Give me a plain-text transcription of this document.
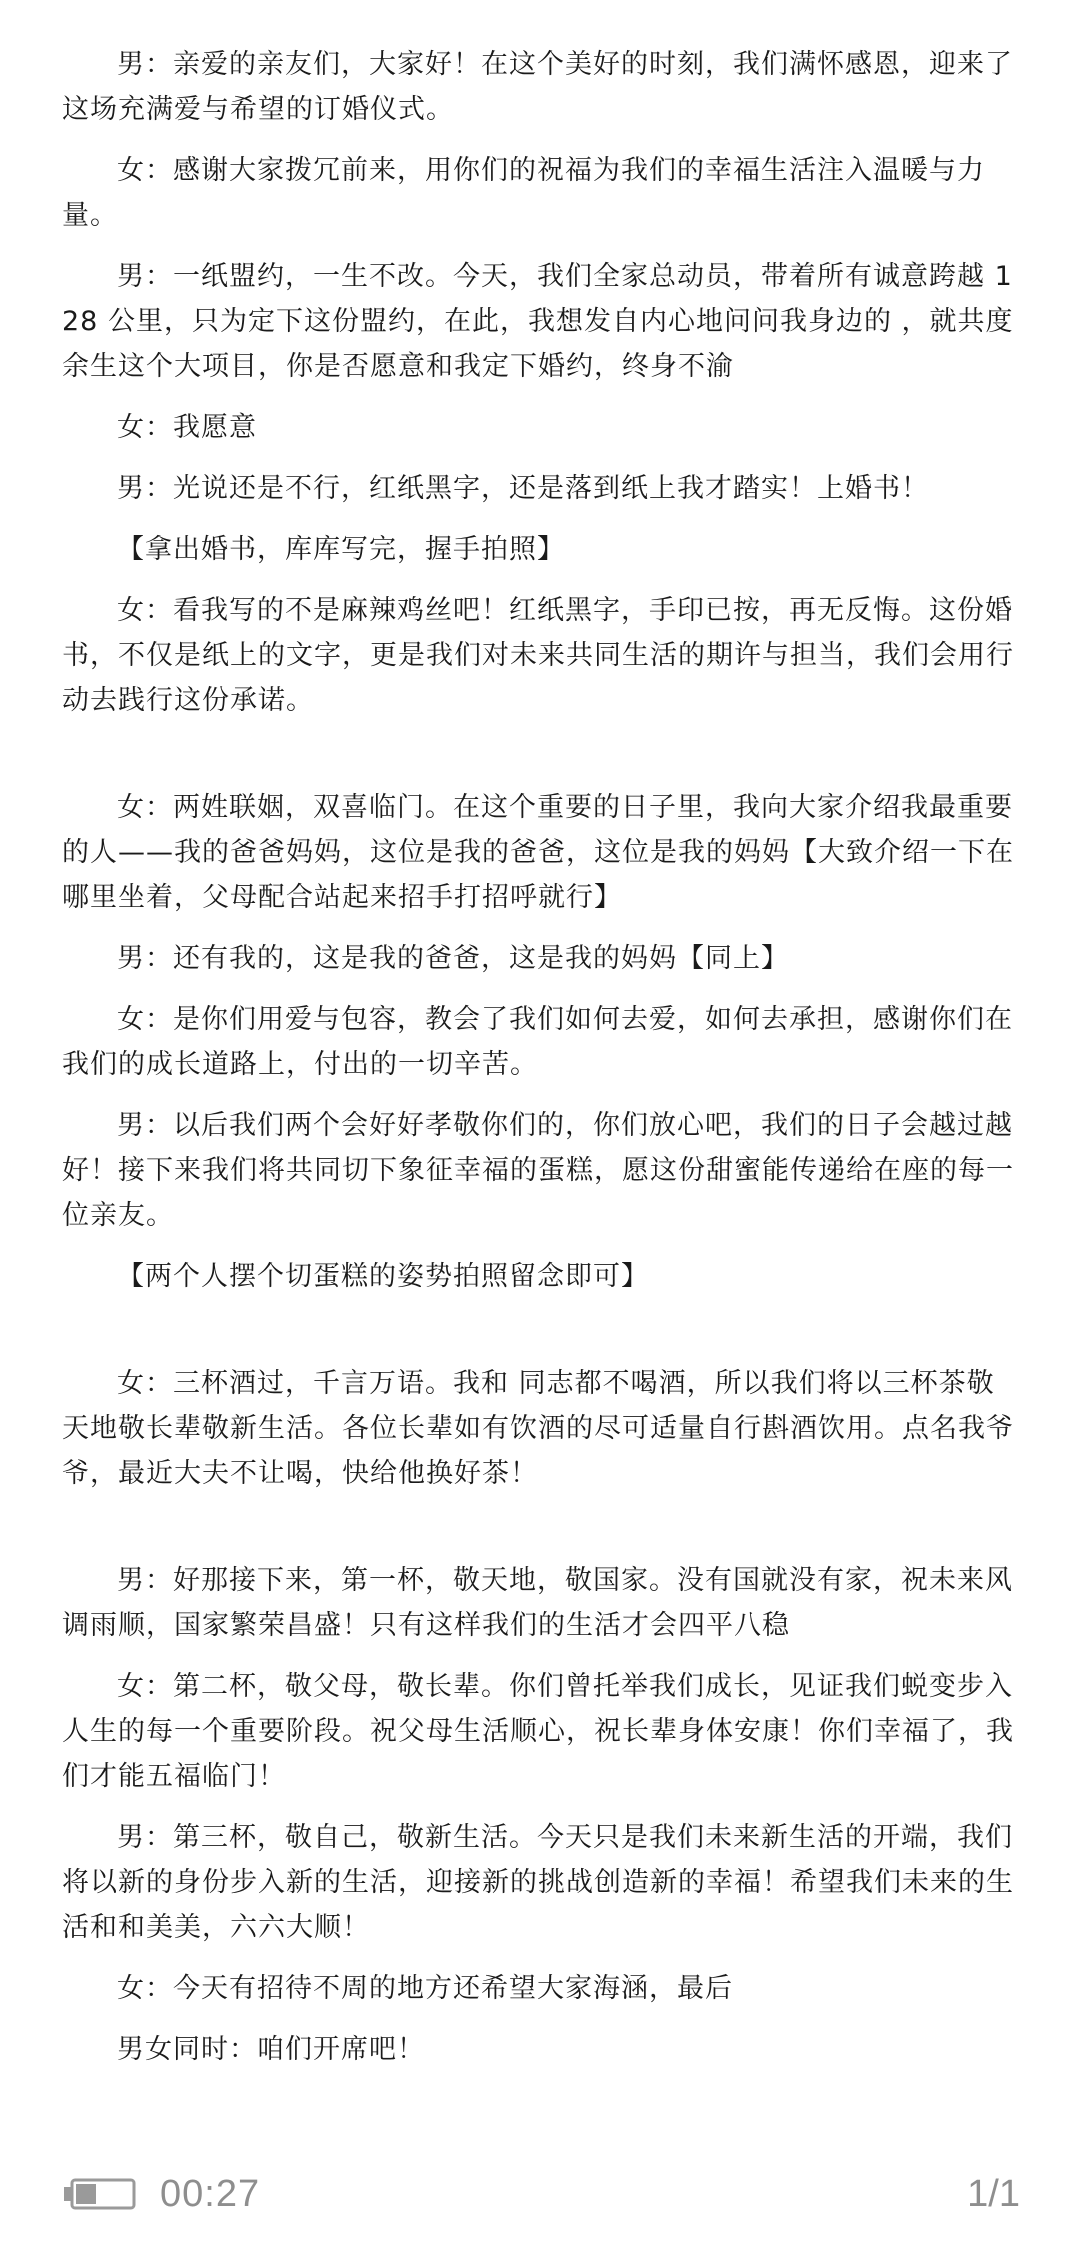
男：亲爱的亲友们，大家好！在这个美好的时刻，我们满怀感恩，迎来了这场充满爱与希望的订婚仪式。

女：感谢大家拨冗前来，用你们的祝福为我们的幸福生活注入温暖与力量。

男：一纸盟约，一生不改。今天，我们全家总动员，带着所有诚意跨越 128 公里，只为定下这份盟约，在此，我想发自内心地问问我身边的 ，就共度余生这个大项目，你是否愿意和我定下婚约，终身不渝

女：我愿意

男：光说还是不行，红纸黑字，还是落到纸上我才踏实！上婚书！

【拿出婚书，库库写完，握手拍照】

女：看我写的不是麻辣鸡丝吧！红纸黑字，手印已按，再无反悔。这份婚书，不仅是纸上的文字，更是我们对未来共同生活的期许与担当，我们会用行动去践行这份承诺。

女：两姓联姻，双喜临门。在这个重要的日子里，我向大家介绍我最重要的人——我的爸爸妈妈，这位是我的爸爸，这位是我的妈妈【大致介绍一下在哪里坐着，父母配合站起来招手打招呼就行】

男：还有我的，这是我的爸爸，这是我的妈妈【同上】

女：是你们用爱与包容，教会了我们如何去爱，如何去承担，感谢你们在我们的成长道路上，付出的一切辛苦。

男：以后我们两个会好好孝敬你们的，你们放心吧，我们的日子会越过越好！接下来我们将共同切下象征幸福的蛋糕，愿这份甜蜜能传递给在座的每一位亲友。

【两个人摆个切蛋糕的姿势拍照留念即可】

女：三杯酒过，千言万语。我和 同志都不喝酒，所以我们将以三杯茶敬天地敬长辈敬新生活。各位长辈如有饮酒的尽可适量自行斟酒饮用。点名我爷爷，最近大夫不让喝，快给他换好茶！

男：好那接下来，第一杯，敬天地，敬国家。没有国就没有家，祝未来风调雨顺，国家繁荣昌盛！只有这样我们的生活才会四平八稳

女：第二杯，敬父母，敬长辈。你们曾托举我们成长，见证我们蜕变步入人生的每一个重要阶段。祝父母生活顺心，祝长辈身体安康！你们幸福了，我们才能五福临门！

男：第三杯，敬自己，敬新生活。今天只是我们未来新生活的开端，我们将以新的身份步入新的生活，迎接新的挑战创造新的幸福！希望我们未来的生活和和美美，六六大顺！

女：今天有招待不周的地方还希望大家海涵，最后

男女同时：咱们开席吧！

00:27	1/1
